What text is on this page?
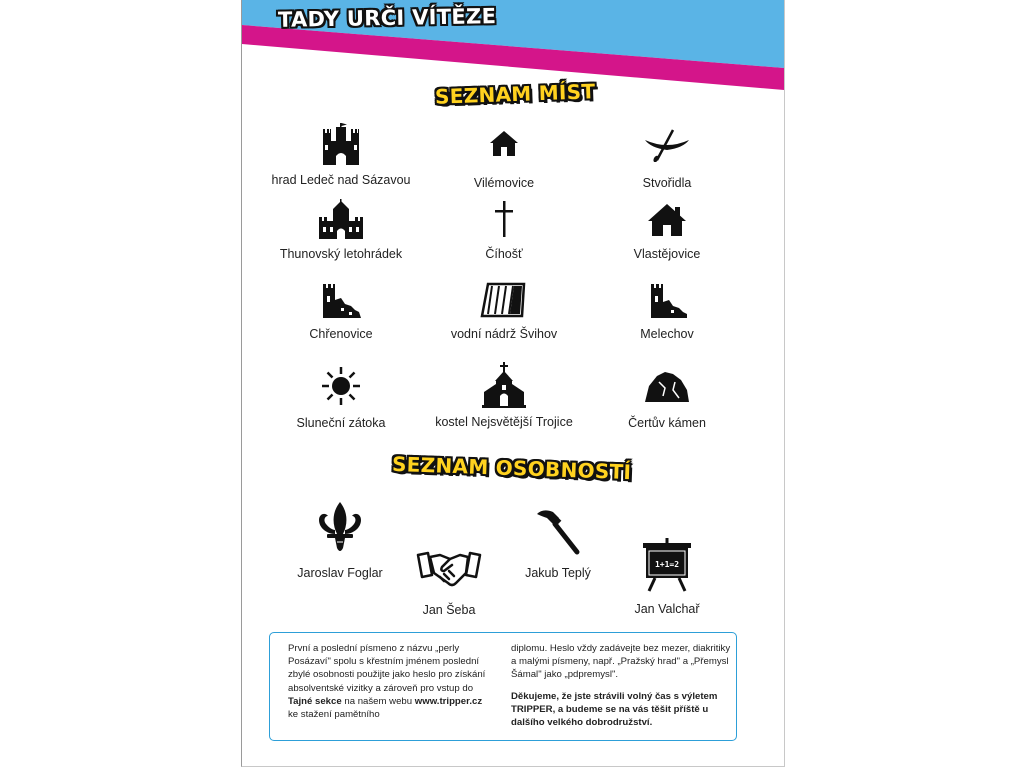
TADY URČI VÍTĚZE
SEZNAM MÍST
hrad Ledeč nad Sázavou	Vilémovice	Stvořidla
Thunovský letohrádek	Číhošť	Vlastějovice
Chřenovice	vodní nádrž Švihov	Melechov
Sluneční zátoka	kostel Nejsvětější Trojice	Čertův kámen
SEZNAM OSOBNOSTÍ
Jaroslav Foglar
Jan Šeba
Jakub Teplý
1+1=2
Jan Valchař
První a poslední písmeno z názvu „perly Posázaví" spolu s křestním jménem poslední zbylé osobnosti použijte jako heslo pro získání absolventské vizitky a zároveň pro vstup do Tajné sekce na našem webu www.tripper.cz ke stažení pamětního

diplomu. Heslo vždy zadávejte bez mezer, diakritiky a malými písmeny, např. „Pražský hrad" a „Přemysl Šámal" jako „pdpremysl".

Děkujeme, že jste strávili volný čas s výletem TRIPPER, a budeme se na vás těšit příště u dalšího velkého dobrodružství.
